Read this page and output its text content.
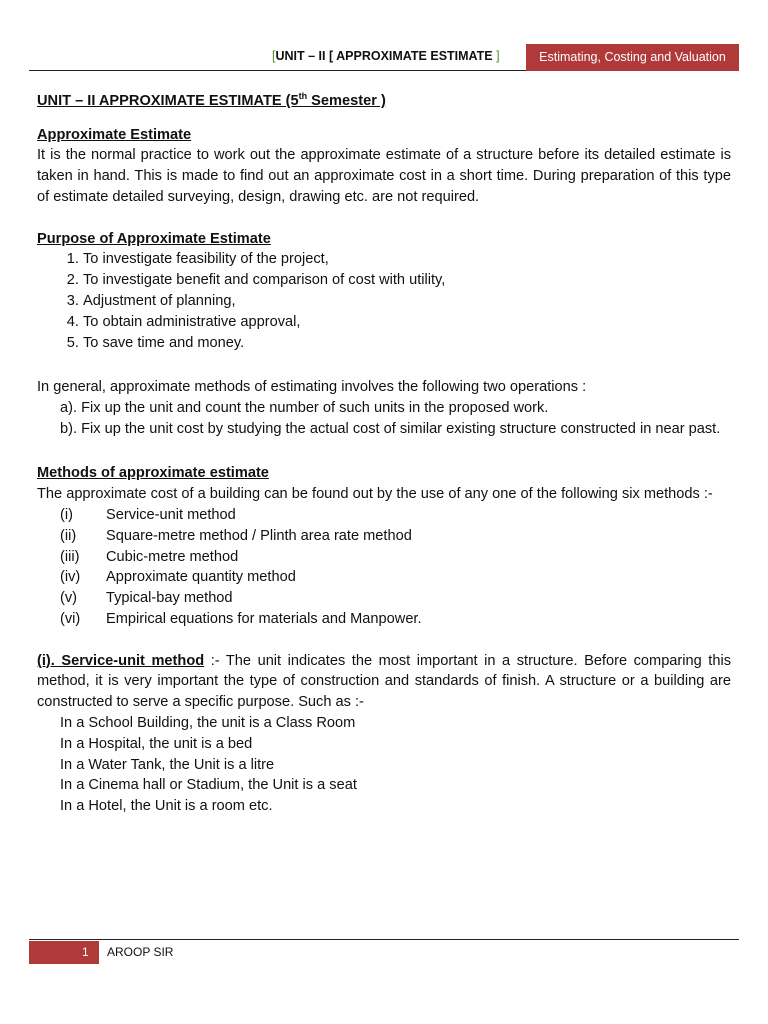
[UNIT – II [ APPROXIMATE ESTIMATE ]	Estimating, Costing and Valuation

UNIT – II APPROXIMATE ESTIMATE (5th Semester )

Approximate Estimate

It is the normal practice to work out the approximate estimate of a structure before its detailed estimate is taken in hand. This is made to find out an approximate cost in a short time. During preparation of this type of estimate detailed surveying, design, drawing etc. are not required.

Purpose of Approximate Estimate

1. To investigate feasibility of the project,
2. To investigate benefit and comparison of cost with utility,
3. Adjustment of planning,
4. To obtain administrative approval,
5. To save time and money.

In general, approximate methods of estimating involves the following two operations :

a). Fix up the unit and count the number of such units in the proposed work.

b). Fix up the unit cost by studying the actual cost of similar existing structure constructed in near past.

Methods of approximate estimate

The approximate cost of a building can be found out by the use of any one of the following six methods :-

(i)	Service-unit method
(ii)	Square-metre method / Plinth area rate method
(iii)	Cubic-metre method
(iv)	Approximate quantity method
(v)	Typical-bay method
(vi)	Empirical equations for materials and Manpower.

(i). Service-unit method :- The unit indicates the most important in a structure. Before comparing this method, it is very important the type of construction and standards of finish. A structure or a building are constructed to serve a specific purpose. Such as :-

In a School Building, the unit is a Class Room

In a Hospital, the unit is a bed

In a Water Tank, the Unit is a litre

In a Cinema hall or Stadium, the Unit is a seat

In a Hotel, the Unit is a room etc.

1 AROOP SIR
